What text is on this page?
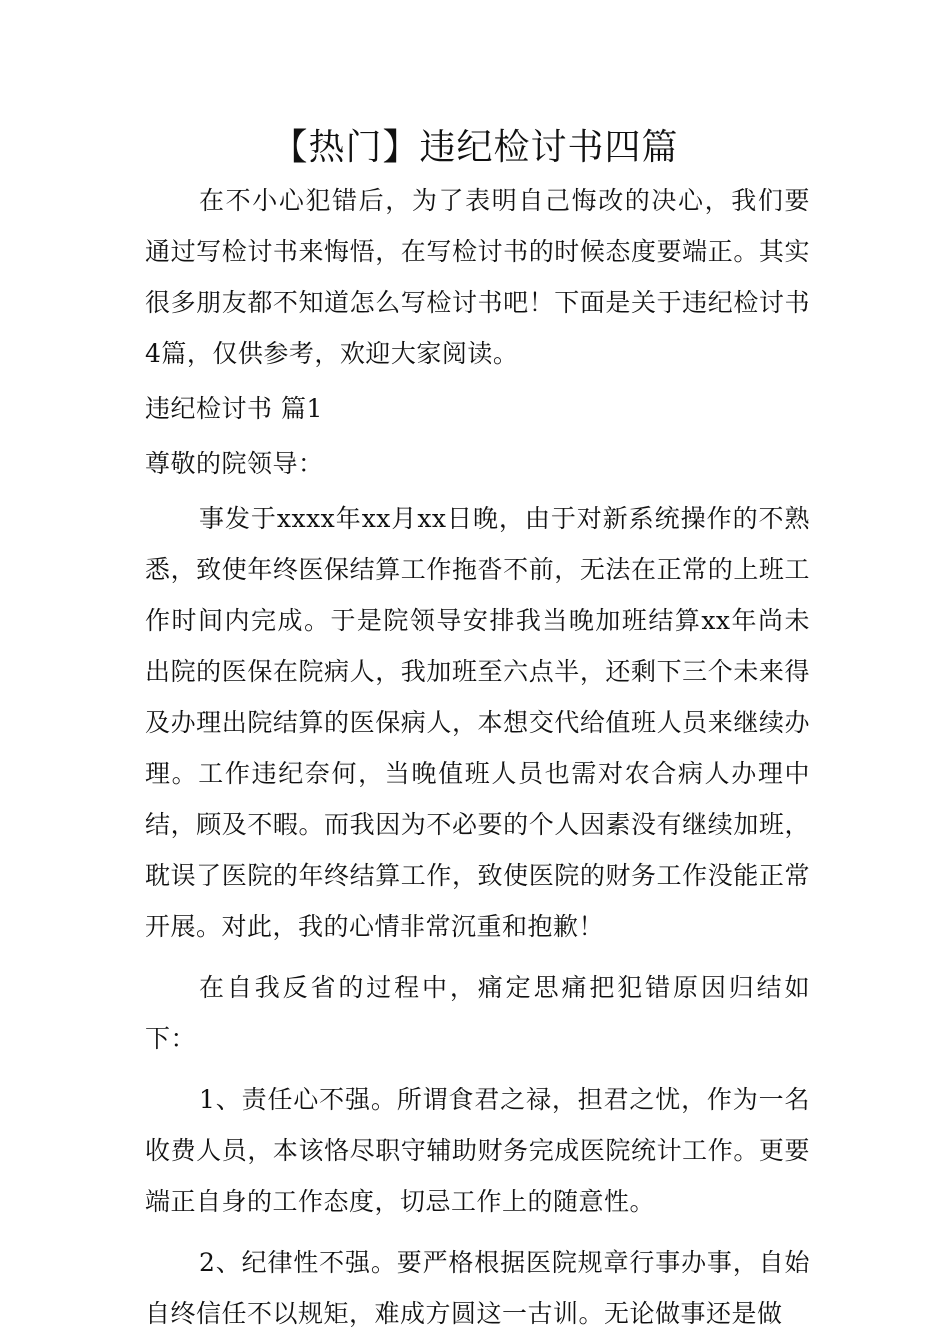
【热门】违纪检讨书四篇

在不小心犯错后，为了表明自己悔改的决心，我们要通过写检讨书来悔悟，在写检讨书的时候态度要端正。其实很多朋友都不知道怎么写检讨书吧！下面是关于违纪检讨书4篇，仅供参考，欢迎大家阅读。

违纪检讨书 篇1

尊敬的院领导：

事发于xxxx年xx月xx日晚，由于对新系统操作的不熟悉，致使年终医保结算工作拖沓不前，无法在正常的上班工作时间内完成。于是院领导安排我当晚加班结算xx年尚未出院的医保在院病人，我加班至六点半，还剩下三个未来得及办理出院结算的医保病人，本想交代给值班人员来继续办理。工作违纪奈何，当晚值班人员也需对农合病人办理中结，顾及不暇。而我因为不必要的个人因素没有继续加班，耽误了医院的年终结算工作，致使医院的财务工作没能正常开展。对此，我的心情非常沉重和抱歉！

在自我反省的过程中，痛定思痛把犯错原因归结如下：

1、责任心不强。所谓食君之禄，担君之忧，作为一名收费人员，本该恪尽职守辅助财务完成医院统计工作。更要端正自身的工作态度，切忌工作上的随意性。

2、纪律性不强。要严格根据医院规章行事办事，自始自终信任不以规矩，难成方圆这一古训。无论做事还是做
